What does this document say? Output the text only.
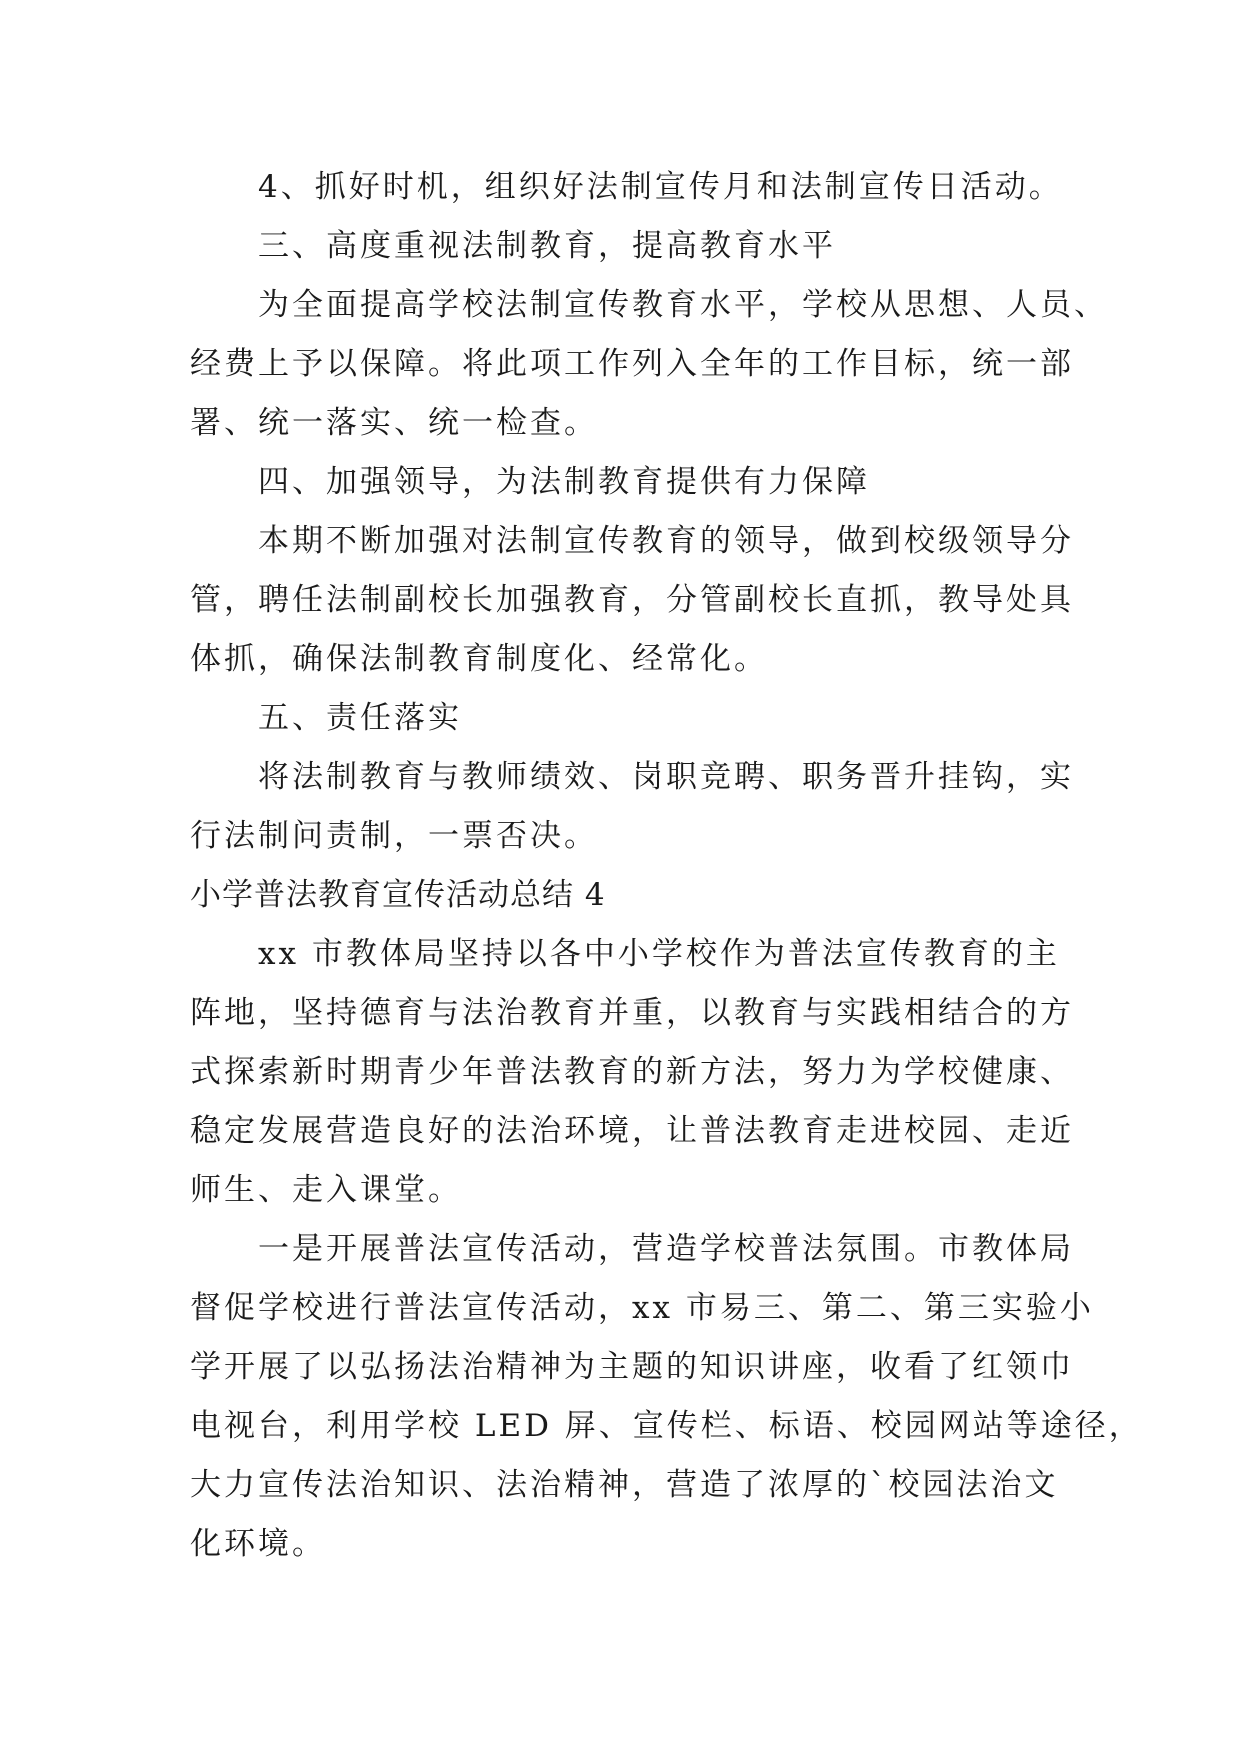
4、抓好时机，组织好法制宣传月和法制宣传日活动。
三、高度重视法制教育，提高教育水平
为全面提高学校法制宣传教育水平，学校从思想、人员、
经费上予以保障。将此项工作列入全年的工作目标，统一部
署、统一落实、统一检查。
四、加强领导，为法制教育提供有力保障
本期不断加强对法制宣传教育的领导，做到校级领导分
管，聘任法制副校长加强教育，分管副校长直抓，教导处具
体抓，确保法制教育制度化、经常化。
五、责任落实
将法制教育与教师绩效、岗职竞聘、职务晋升挂钩，实
行法制问责制，一票否决。
小学普法教育宣传活动总结 4
xx 市教体局坚持以各中小学校作为普法宣传教育的主
阵地，坚持德育与法治教育并重，以教育与实践相结合的方
式探索新时期青少年普法教育的新方法，努力为学校健康、
稳定发展营造良好的法治环境，让普法教育走进校园、走近
师生、走入课堂。
一是开展普法宣传活动，营造学校普法氛围。市教体局
督促学校进行普法宣传活动，xx 市易三、第二、第三实验小
学开展了以弘扬法治精神为主题的知识讲座，收看了红领巾
电视台，利用学校 LED 屏、宣传栏、标语、校园网站等途径，
大力宣传法治知识、法治精神，营造了浓厚的`校园法治文
化环境。
